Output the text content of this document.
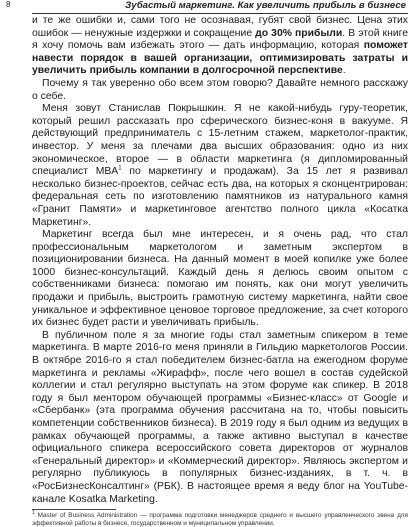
8	Зубастый маркетинг. Как увеличить прибыль в бизнесе

и те же ошибки и, сами того не осознавая, губят свой бизнес. Цена этих ошибок — ненужные издержки и сокращение до 30% прибыли. В этой книге я хочу помочь вам избежать этого — дать информацию, которая поможет навести порядок в вашей организации, оптимизировать затраты и увеличить прибыль компании в долгосрочной перспективе.

Почему я так уверенно обо всем этом говорю? Давайте немного расскажу о себе.

Меня зовут Станислав Покрышкин. Я не какой-нибудь гуру-теоретик, который решил рассказать про сферического бизнес-коня в вакууме. Я действующий предприниматель с 15-летним стажем, маркетолог-практик, инвестор. У меня за плечами два высших образования: одно из них экономическое, второе — в области маркетинга (я дипломированный специалист MBA$^1$ по маркетингу и продажам). За 15 лет я развивал несколько бизнес-проектов, сейчас есть два, на которых я сконцентрирован: федеральная сеть по изготовлению памятников из натурального камня «Гранит Памяти» и маркетинговое агентство полного цикла «Косатка Маркетинг».

Маркетинг всегда был мне интересен, и я очень рад, что стал профессиональным маркетологом и заметным экспертом в позиционировании бизнеса. На данный момент в моей копилке уже более 1000 бизнес-консультаций. Каждый день я делюсь своим опытом с собственниками бизнеса: помогаю им понять, как они могут увеличить продажи и прибыль, выстроить грамотную систему маркетинга, найти свое уникальное и эффективное ценовое торговое предложение, за счет которого их бизнес будет расти и увеличивать прибыль.

В публичном поле я за многие годы стал заметным спикером в теме маркетинга. В марте 2016-го меня приняли в Гильдию маркетологов России. В октябре 2016-го я стал победителем бизнес-батла на ежегодном форуме маркетинга и рекламы «Жирафф», после чего вошел в состав судейской коллегии и стал регулярно выступать на этом форуме как спикер. В 2018 году я был ментором обучающей программы «Бизнес-класс» от Google и «Сбербанк» (эта программа обучения рассчитана на то, чтобы повысить компетенции собственников бизнеса). В 2019 году я был одним из ведущих в рамках обучающей программы, а также активно выступал в качестве официального спикера всероссийского совета директоров от журналов «Генеральный директор» и «Коммерческий директор». Являюсь экспертом и регулярно публикуюсь в популярных бизнес-изданиях, в т. ч. в «РосБизнесКонсалтинг» (РБК). В настоящее время я веду блог на YouTube-канале Kosatka Marketing.

$^1$ Master of Business Administration — программа подготовки менеджеров среднего и высшего управленческого звена для эффективной работы в бизнесе, государственном и муниципальном управлении.
